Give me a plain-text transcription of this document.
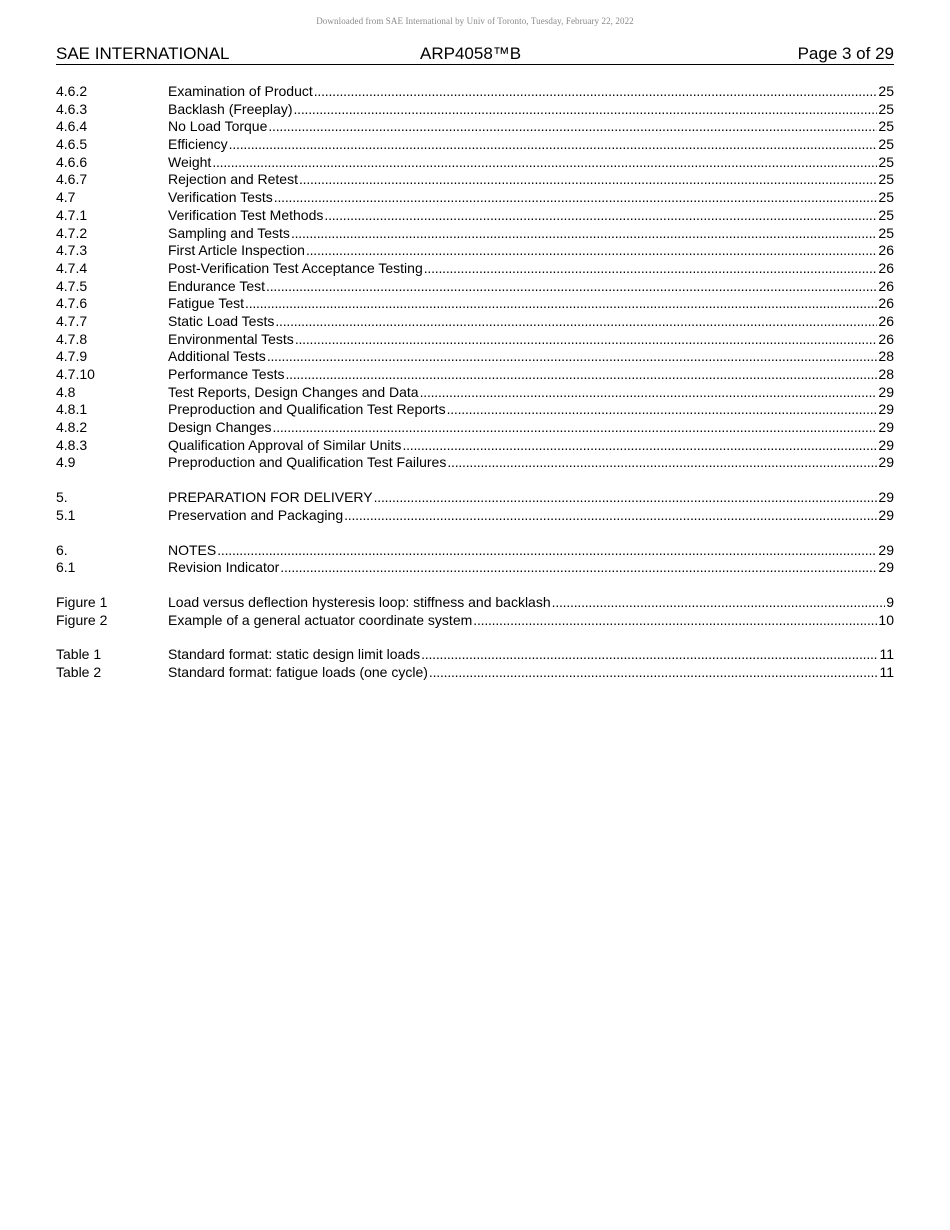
Downloaded from SAE International by Univ of Toronto, Tuesday, February 22, 2022
SAE INTERNATIONAL	ARP4058™B	Page 3 of 29
4.6.2	Examination of Product . . .	25
4.6.3	Backlash (Freeplay) . . .	25
4.6.4	No Load Torque . . .	25
4.6.5	Efficiency . . .	25
4.6.6	Weight . . .	25
4.6.7	Rejection and Retest . . .	25
4.7	Verification Tests . . .	25
4.7.1	Verification Test Methods . . .	25
4.7.2	Sampling and Tests . . .	25
4.7.3	First Article Inspection . . .	26
4.7.4	Post-Verification Test Acceptance Testing . . .	26
4.7.5	Endurance Test . . .	26
4.7.6	Fatigue Test . . .	26
4.7.7	Static Load Tests . . .	26
4.7.8	Environmental Tests . . .	26
4.7.9	Additional Tests . . .	28
4.7.10	Performance Tests . . .	28
4.8	Test Reports, Design Changes and Data . . .	29
4.8.1	Preproduction and Qualification Test Reports . . .	29
4.8.2	Design Changes . . .	29
4.8.3	Qualification Approval of Similar Units . . .	29
4.9	Preproduction and Qualification Test Failures . . .	29
5.	PREPARATION FOR DELIVERY . . .	29
5.1	Preservation and Packaging . . .	29
6.	NOTES . . .	29
6.1	Revision Indicator . . .	29
Figure 1	Load versus deflection hysteresis loop: stiffness and backlash . . .	9
Figure 2	Example of a general actuator coordinate system . . .	10
Table 1	Standard format: static design limit loads . . .	11
Table 2	Standard format: fatigue loads (one cycle) . . .	11
